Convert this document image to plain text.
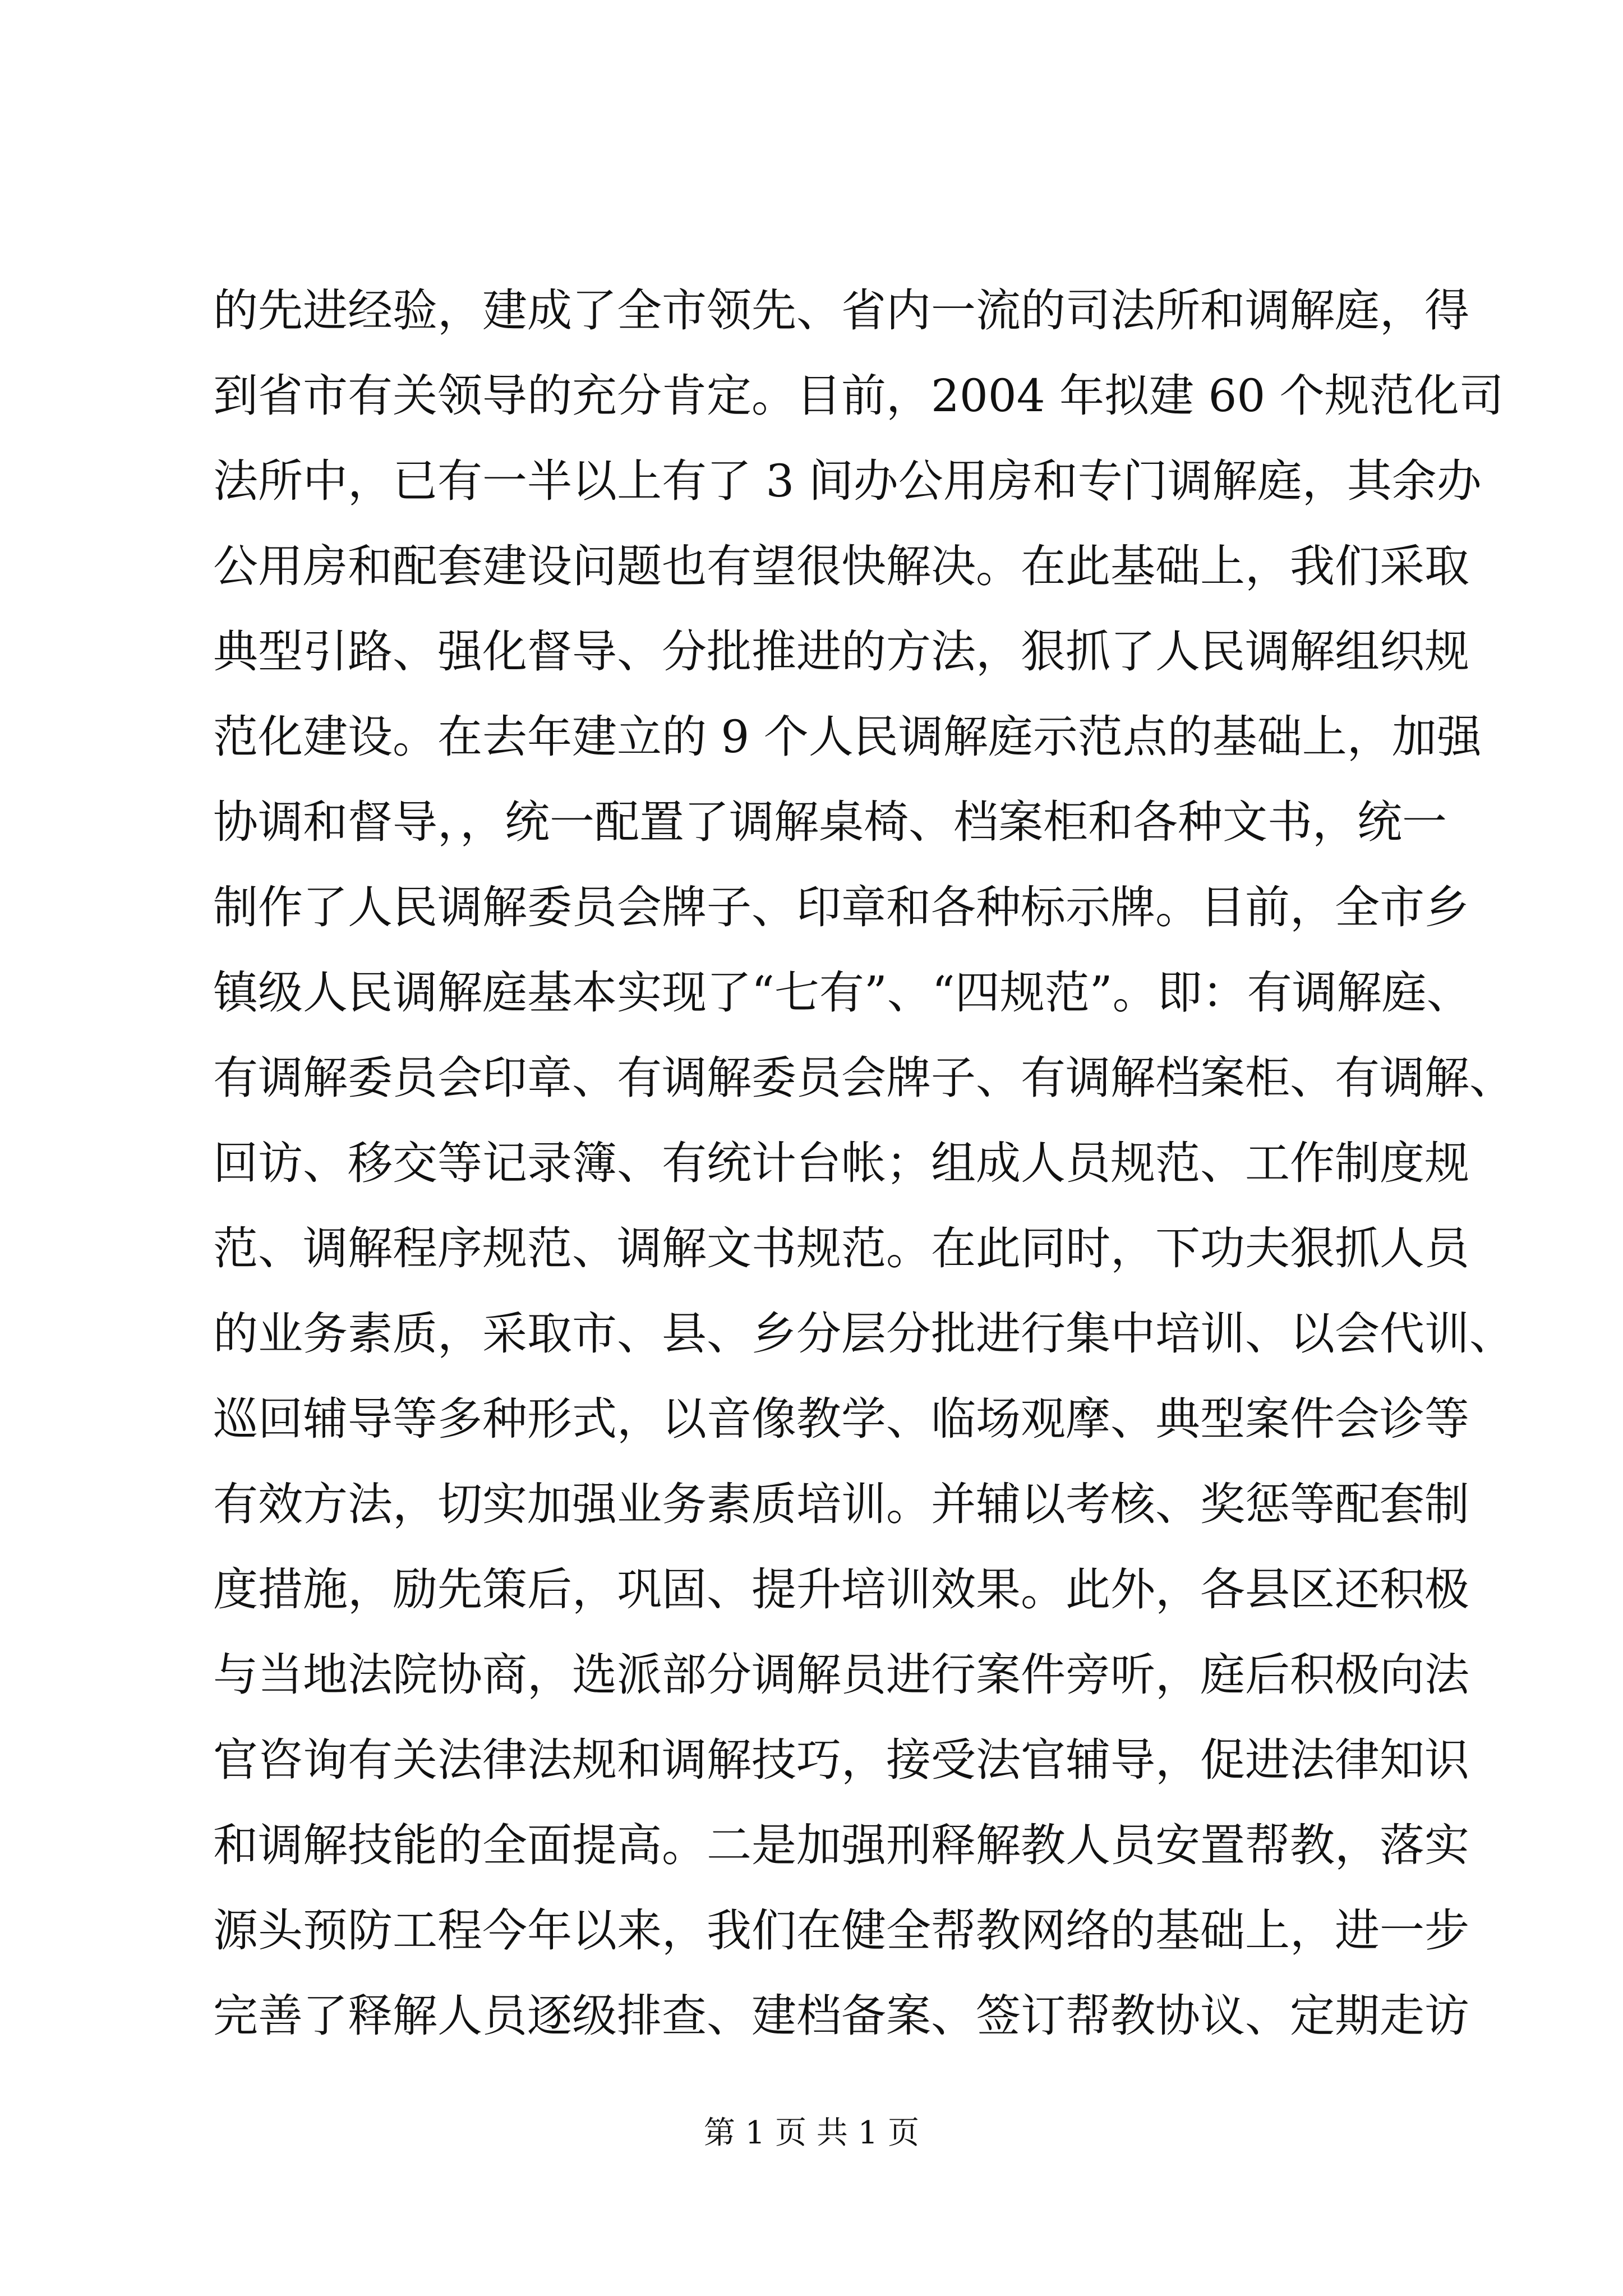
的先进经验，建成了全市领先、省内一流的司法所和调解庭，得
到省市有关领导的充分肯定。目前，2004 年拟建 60 个规范化司
法所中，已有一半以上有了 3 间办公用房和专门调解庭，其余办
公用房和配套建设问题也有望很快解决。在此基础上，我们采取
典型引路、强化督导、分批推进的方法，狠抓了人民调解组织规
范化建设。在去年建立的 9 个人民调解庭示范点的基础上，加强
协调和督导，，统一配置了调解桌椅、档案柜和各种文书，统一
制作了人民调解委员会牌子、印章和各种标示牌。目前，全市乡
镇级人民调解庭基本实现了“七有”、“四规范”。即：有调解庭、
有调解委员会印章、有调解委员会牌子、有调解档案柜、有调解、
回访、移交等记录簿、有统计台帐；组成人员规范、工作制度规
范、调解程序规范、调解文书规范。在此同时，下功夫狠抓人员
的业务素质，采取市、县、乡分层分批进行集中培训、以会代训、
巡回辅导等多种形式，以音像教学、临场观摩、典型案件会诊等
有效方法，切实加强业务素质培训。并辅以考核、奖惩等配套制
度措施，励先策后，巩固、提升培训效果。此外，各县区还积极
与当地法院协商，选派部分调解员进行案件旁听，庭后积极向法
官咨询有关法律法规和调解技巧，接受法官辅导，促进法律知识
和调解技能的全面提高。二是加强刑释解教人员安置帮教，落实
源头预防工程今年以来，我们在健全帮教网络的基础上，进一步
完善了释解人员逐级排查、建档备案、签订帮教协议、定期走访
第 1 页 共 1 页
